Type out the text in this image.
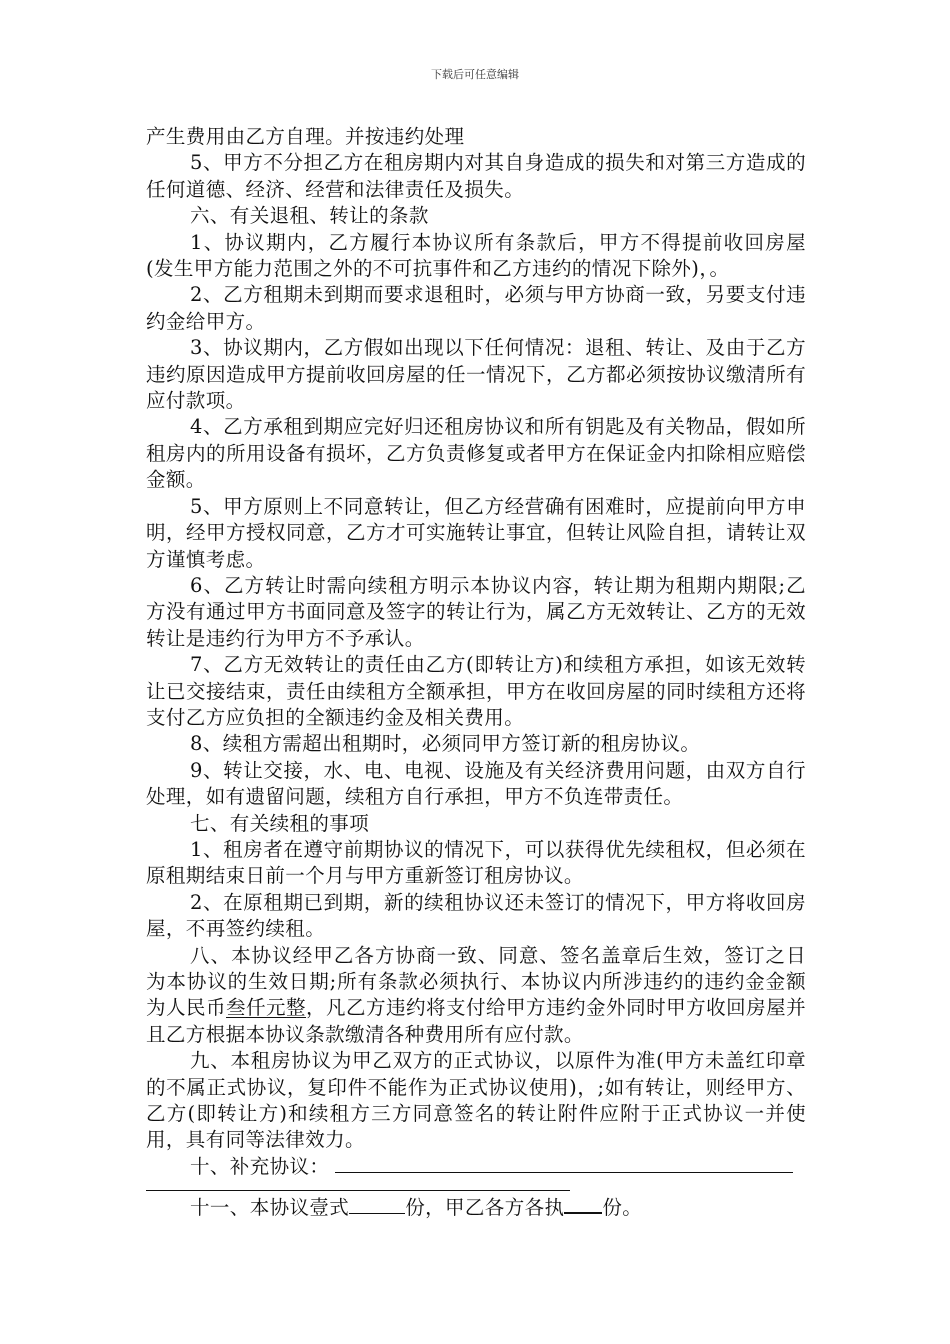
下载后可任意编辑

产生费用由乙方自理。并按违约处理

5、甲方不分担乙方在租房期内对其自身造成的损失和对第三方造成的任何道德、经济、经营和法律责任及损失。

六、有关退租、转让的条款

1、协议期内，乙方履行本协议所有条款后，甲方不得提前收回房屋(发生甲方能力范围之外的不可抗事件和乙方违约的情况下除外)，。

2、乙方租期未到期而要求退租时，必须与甲方协商一致，另要支付违约金给甲方。

3、协议期内，乙方假如出现以下任何情况：退租、转让、及由于乙方违约原因造成甲方提前收回房屋的任一情况下，乙方都必须按协议缴清所有应付款项。

4、乙方承租到期应完好归还租房协议和所有钥匙及有关物品，假如所租房内的所用设备有损坏，乙方负责修复或者甲方在保证金内扣除相应赔偿金额。

5、甲方原则上不同意转让，但乙方经营确有困难时，应提前向甲方申明，经甲方授权同意，乙方才可实施转让事宜，但转让风险自担，请转让双方谨慎考虑。

6、乙方转让时需向续租方明示本协议内容，转让期为租期内期限;乙方没有通过甲方书面同意及签字的转让行为，属乙方无效转让、乙方的无效转让是违约行为甲方不予承认。

7、乙方无效转让的责任由乙方(即转让方)和续租方承担，如该无效转让已交接结束，责任由续租方全额承担，甲方在收回房屋的同时续租方还将支付乙方应负担的全额违约金及相关费用。

8、续租方需超出租期时，必须同甲方签订新的租房协议。

9、转让交接，水、电、电视、设施及有关经济费用问题，由双方自行处理，如有遗留问题，续租方自行承担，甲方不负连带责任。

七、有关续租的事项

1、租房者在遵守前期协议的情况下，可以获得优先续租权，但必须在原租期结束日前一个月与甲方重新签订租房协议。

2、在原租期已到期，新的续租协议还未签订的情况下，甲方将收回房屋，不再签约续租。

八、本协议经甲乙各方协商一致、同意、签名盖章后生效，签订之日为本协议的生效日期;所有条款必须执行、本协议内所涉违约的违约金金额为人民币叁仟元整，凡乙方违约将支付给甲方违约金外同时甲方收回房屋并且乙方根据本协议条款缴清各种费用所有应付款。

九、本租房协议为甲乙双方的正式协议，以原件为准(甲方未盖红印章的不属正式协议，复印件不能作为正式协议使用)，;如有转让，则经甲方、乙方(即转让方)和续租方三方同意签名的转让附件应附于正式协议一并使用，具有同等法律效力。

十、补充协议：

十一、本协议壹式	份，甲乙各方各执 份。
